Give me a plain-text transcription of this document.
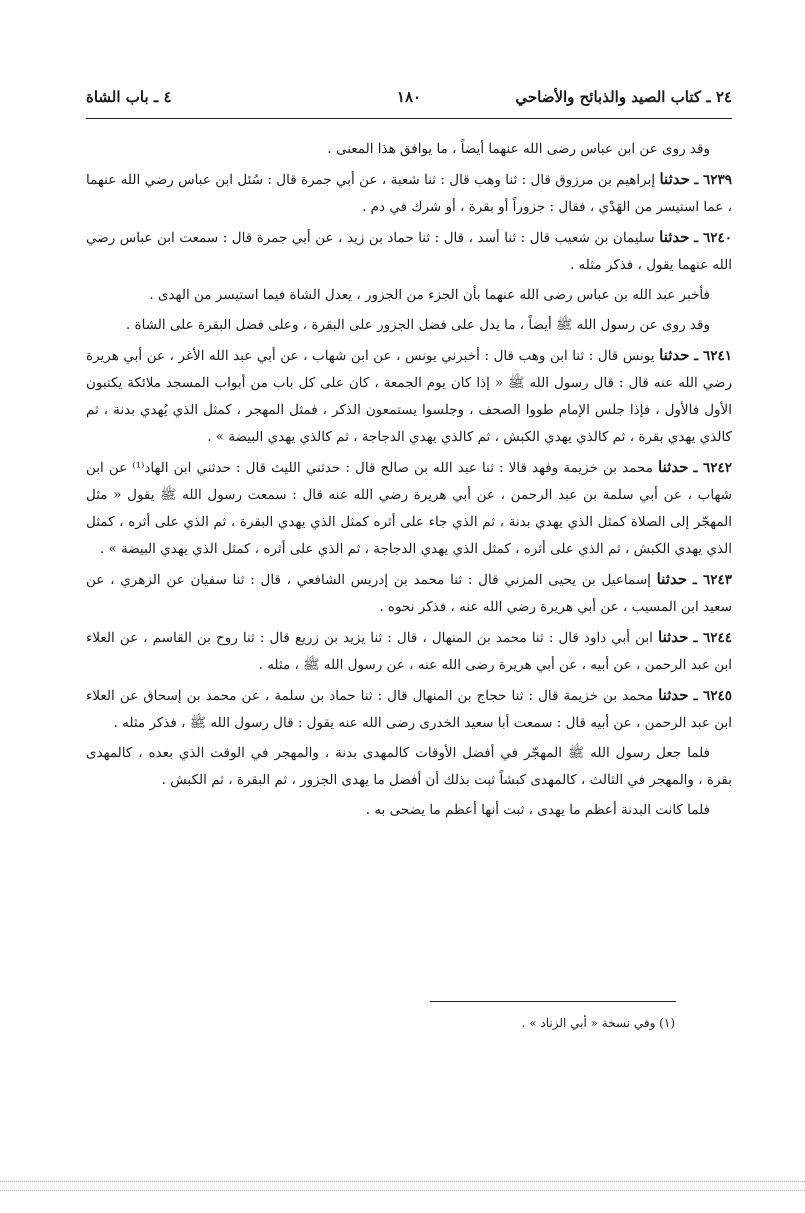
٢٤ ـ كتاب الصيد والذبائح والأضاحي
١٨٠
٤ ـ باب الشاة

وقد روى عن ابن عباس رضى الله عنهما أيضاً ، ما يوافق هذا المعنى .

٦٢٣٩ ـ حدثنا إبراهيم بن مرزوق قال : ثنا وهب قال : ثنا شعبة ، عن أبي جمرة قال : سُئل ابن عباس رضي الله عنهما ، عما استيسر من الهَدْي ، فقال : جزوراً أو بقرة ، أو شرك في دم .

٦٢٤٠ ـ حدثنا سليمان بن شعيب قال : ثنا أسد ، قال : ثنا حماد بن زيد ، عن أبي جمرة قال : سمعت ابن عباس رضي الله عنهما يقول ، فذكر مثله .

فأخبر عبد الله بن عباس رضى الله عنهما بأن الجزء من الجزور ، يعدل الشاة فيما استيسر من الهدى .

وقد روى عن رسول الله ﷺ أيضاً ، ما يدل على فضل الجزور على البقرة ، وعلى فضل البقرة على الشاة .

٦٢٤١ ـ حدثنا يونس قال : ثنا ابن وهب قال : أخبرني يونس ، عن ابن شهاب ، عن أبي عبد الله الأغر ، عن أبي هريرة رضي الله عنه قال : قال رسول الله ﷺ « إذا كان يوم الجمعة ، كان على كل باب من أبواب المسجد ملائكة يكتبون الأول فالأول ، فإذا جلس الإمام طووا الصحف ، وجلسوا يستمعون الذكر ، فمثل المهجر ، كمثل الذي يُهدي بدنة ، ثم كالذي يهدي بقرة ، ثم كالذي يهدي الكبش ، ثم كالذي يهدي الدجاجة ، ثم كالذي يهدي البيضة » .

٦٢٤٢ ـ حدثنا محمد بن خزيمة وفهد قالا : ثنا عبد الله بن صالح قال : حدثني الليث قال : حدثني ابن الهاد⁽¹⁾ عن ابن شهاب ، عن أبي سلمة بن عبد الرحمن ، عن أبي هريرة رضي الله عنه قال : سمعت رسول الله ﷺ يقول « مثل المهجّر إلى الصلاة كمثل الذي يهدي بدنة ، ثم الذي جاء على أثره كمثل الذي يهدي البقرة ، ثم الذي على أثره ، كمثل الذي يهدي الكبش ، ثم الذي على أثره ، كمثل الذي يهدي الدجاجة ، ثم الذي على أثره ، كمثل الذي يهدي البيضة » .

٦٢٤٣ ـ حدثنا إسماعيل بن يحيى المزني قال : ثنا محمد بن إدريس الشافعي ، قال : ثنا سفيان عن الزهري ، عن سعيد ابن المسيب ، عن أبي هريرة رضي الله عنه ، فذكر نحوه .

٦٢٤٤ ـ حدثنا ابن أبي داود قال : ثنا محمد بن المنهال ، قال : ثنا يزيد بن زريع قال : ثنا روح بن القاسم ، عن العلاء ابن عبد الرحمن ، عن أبيه ، عن أبي هريرة رضى الله عنه ، عن رسول الله ﷺ ، مثله .

٦٢٤٥ ـ حدثنا محمد بن خزيمة قال : ثنا حجاج بن المنهال قال : ثنا حماد بن سلمة ، عن محمد بن إسحاق عن العلاء ابن عبد الرحمن ، عن أبيه قال : سمعت أبا سعيد الخدرى رضى الله عنه يقول : قال رسول الله ﷺ ، فذكر مثله .

فلما جعل رسول الله ﷺ المهجّر في أفضل الأوقات كالمهدى بدنة ، والمهجر في الوقت الذي بعده ، كالمهدى بقرة ، والمهجر في الثالث ، كالمهدى كبشاً ثبت بذلك أن أفضل ما يهدى الجزور ، ثم البقرة ، ثم الكبش .

فلما كانت البدنة أعظم ما يهدى ، ثبت أنها أعظم ما يضحى به .

(١) وفي نسخة « أبي الزناد » .
